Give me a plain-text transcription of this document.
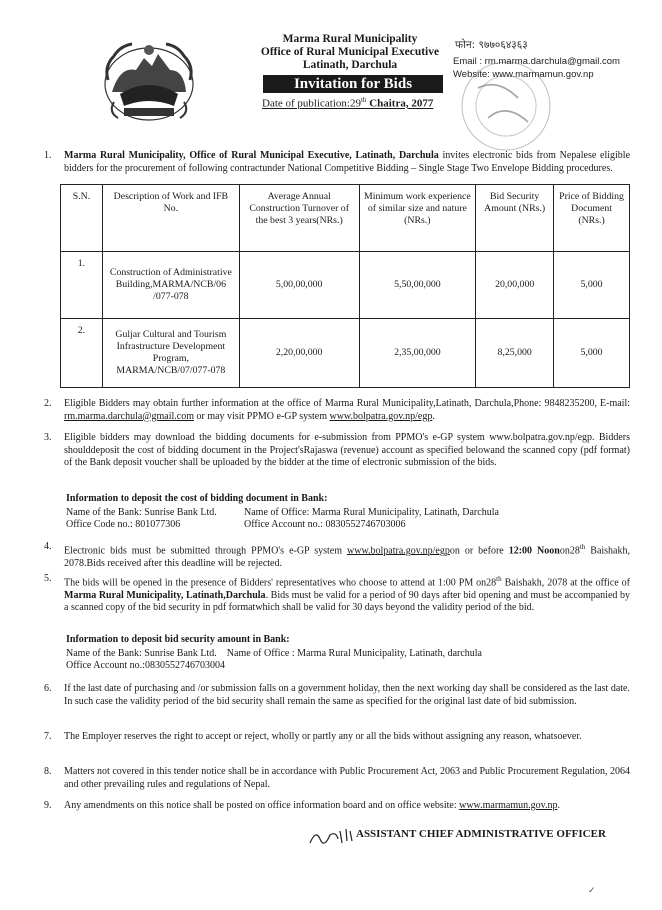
Marma Rural Municipality
Office of Rural Municipal Executive
Latinath, Darchula
Invitation for Bids
Date of publication:29th Chaitra, 2077
फोन: ९७७०६४३६३
Email : rm.marma.darchula@gmail.com
Website: www.marmamun.gov.np
1. Marma Rural Municipality, Office of Rural Municipal Executive, Latinath, Darchula invites electronic bids from Nepalese eligible bidders for the procurement of following contractunder National Competitive Bidding – Single Stage Two Envelope Bidding procedures.
S.N.	Description of Work and IFB No.	Average Annual Construction Turnover of the best 3 years(NRs.)	Minimum work experience of similar size and nature (NRs.)	Bid Security Amount (NRs.)	Price of Bidding Document (NRs.)
1.	Construction of Administrative Building,MARMA/NCB/06 /077-078	5,00,00,000	5,50,00,000	20,00,000	5,000
2.	Guljar Cultural and Tourism Infrastructure Development Program, MARMA/NCB/07/077-078	2,20,00,000	2,35,00,000	8,25,000	5,000
2. Eligible Bidders may obtain further information at the office of Marma Rural Municipality,Latinath, Darchula,Phone: 9848235200, E-mail: rm.marma.darchula@gmail.com or may visit PPMO e-GP system www.bolpatra.gov.np/egp.
3. Eligible bidders may download the bidding documents for e-submission from PPMO's e-GP system www.bolpatra.gov.np/egp. Bidders shoulddeposit the cost of bidding document in the Project'sRajaswa (revenue) account as specified belowand the scanned copy (pdf format) of the Bank deposit voucher shall be uploaded by the bidder at the time of electronic submission of the bids.
Information to deposit the cost of bidding document in Bank:
Name of the Bank: Sunrise Bank Ltd.	Name of Office: Marma Rural Municipality, Latinath, Darchula
Office Code no.: 801077306	Office Account no.: 0830552746703006
4. Electronic bids must be submitted through PPMO's e-GP system www.bolpatra.gov.np/egpon or before 12:00 Noonon28th Baishakh, 2078.Bids received after this deadline will be rejected.
5. The bids will be opened in the presence of Bidders' representatives who choose to attend at 1:00 PM on28th Baishakh, 2078 at the office of Marma Rural Municipality, Latinath,Darchula. Bids must be valid for a period of 90 days after bid opening and must be accompanied by a scanned copy of the bid security in pdf formatwhich shall be valid for 30 days beyond the validity period of the bid.
Information to deposit bid security amount in Bank:
Name of the Bank: Sunrise Bank Ltd.    Name of Office : Marma Rural Municipality, Latinath, darchula
Office Account no.:0830552746703004
6. If the last date of purchasing and /or submission falls on a government holiday, then the next working day shall be considered as the last date. In such case the validity period of the bid security shall remain the same as specified for the original last date of bid submission.
7. The Employer reserves the right to accept or reject, wholly or partly any or all the bids without assigning any reason, whatsoever.
8. Matters not covered in this tender notice shall be in accordance with Public Procurement Act, 2063 and Public Procurement Regulation, 2064 and other prevailing rules and regulations of Nepal.
9. Any amendments on this notice shall be posted on office information board and on office website: www.marmamun.gov.np.
ASSISTANT CHIEF ADMINISTRATIVE OFFICER
✓
